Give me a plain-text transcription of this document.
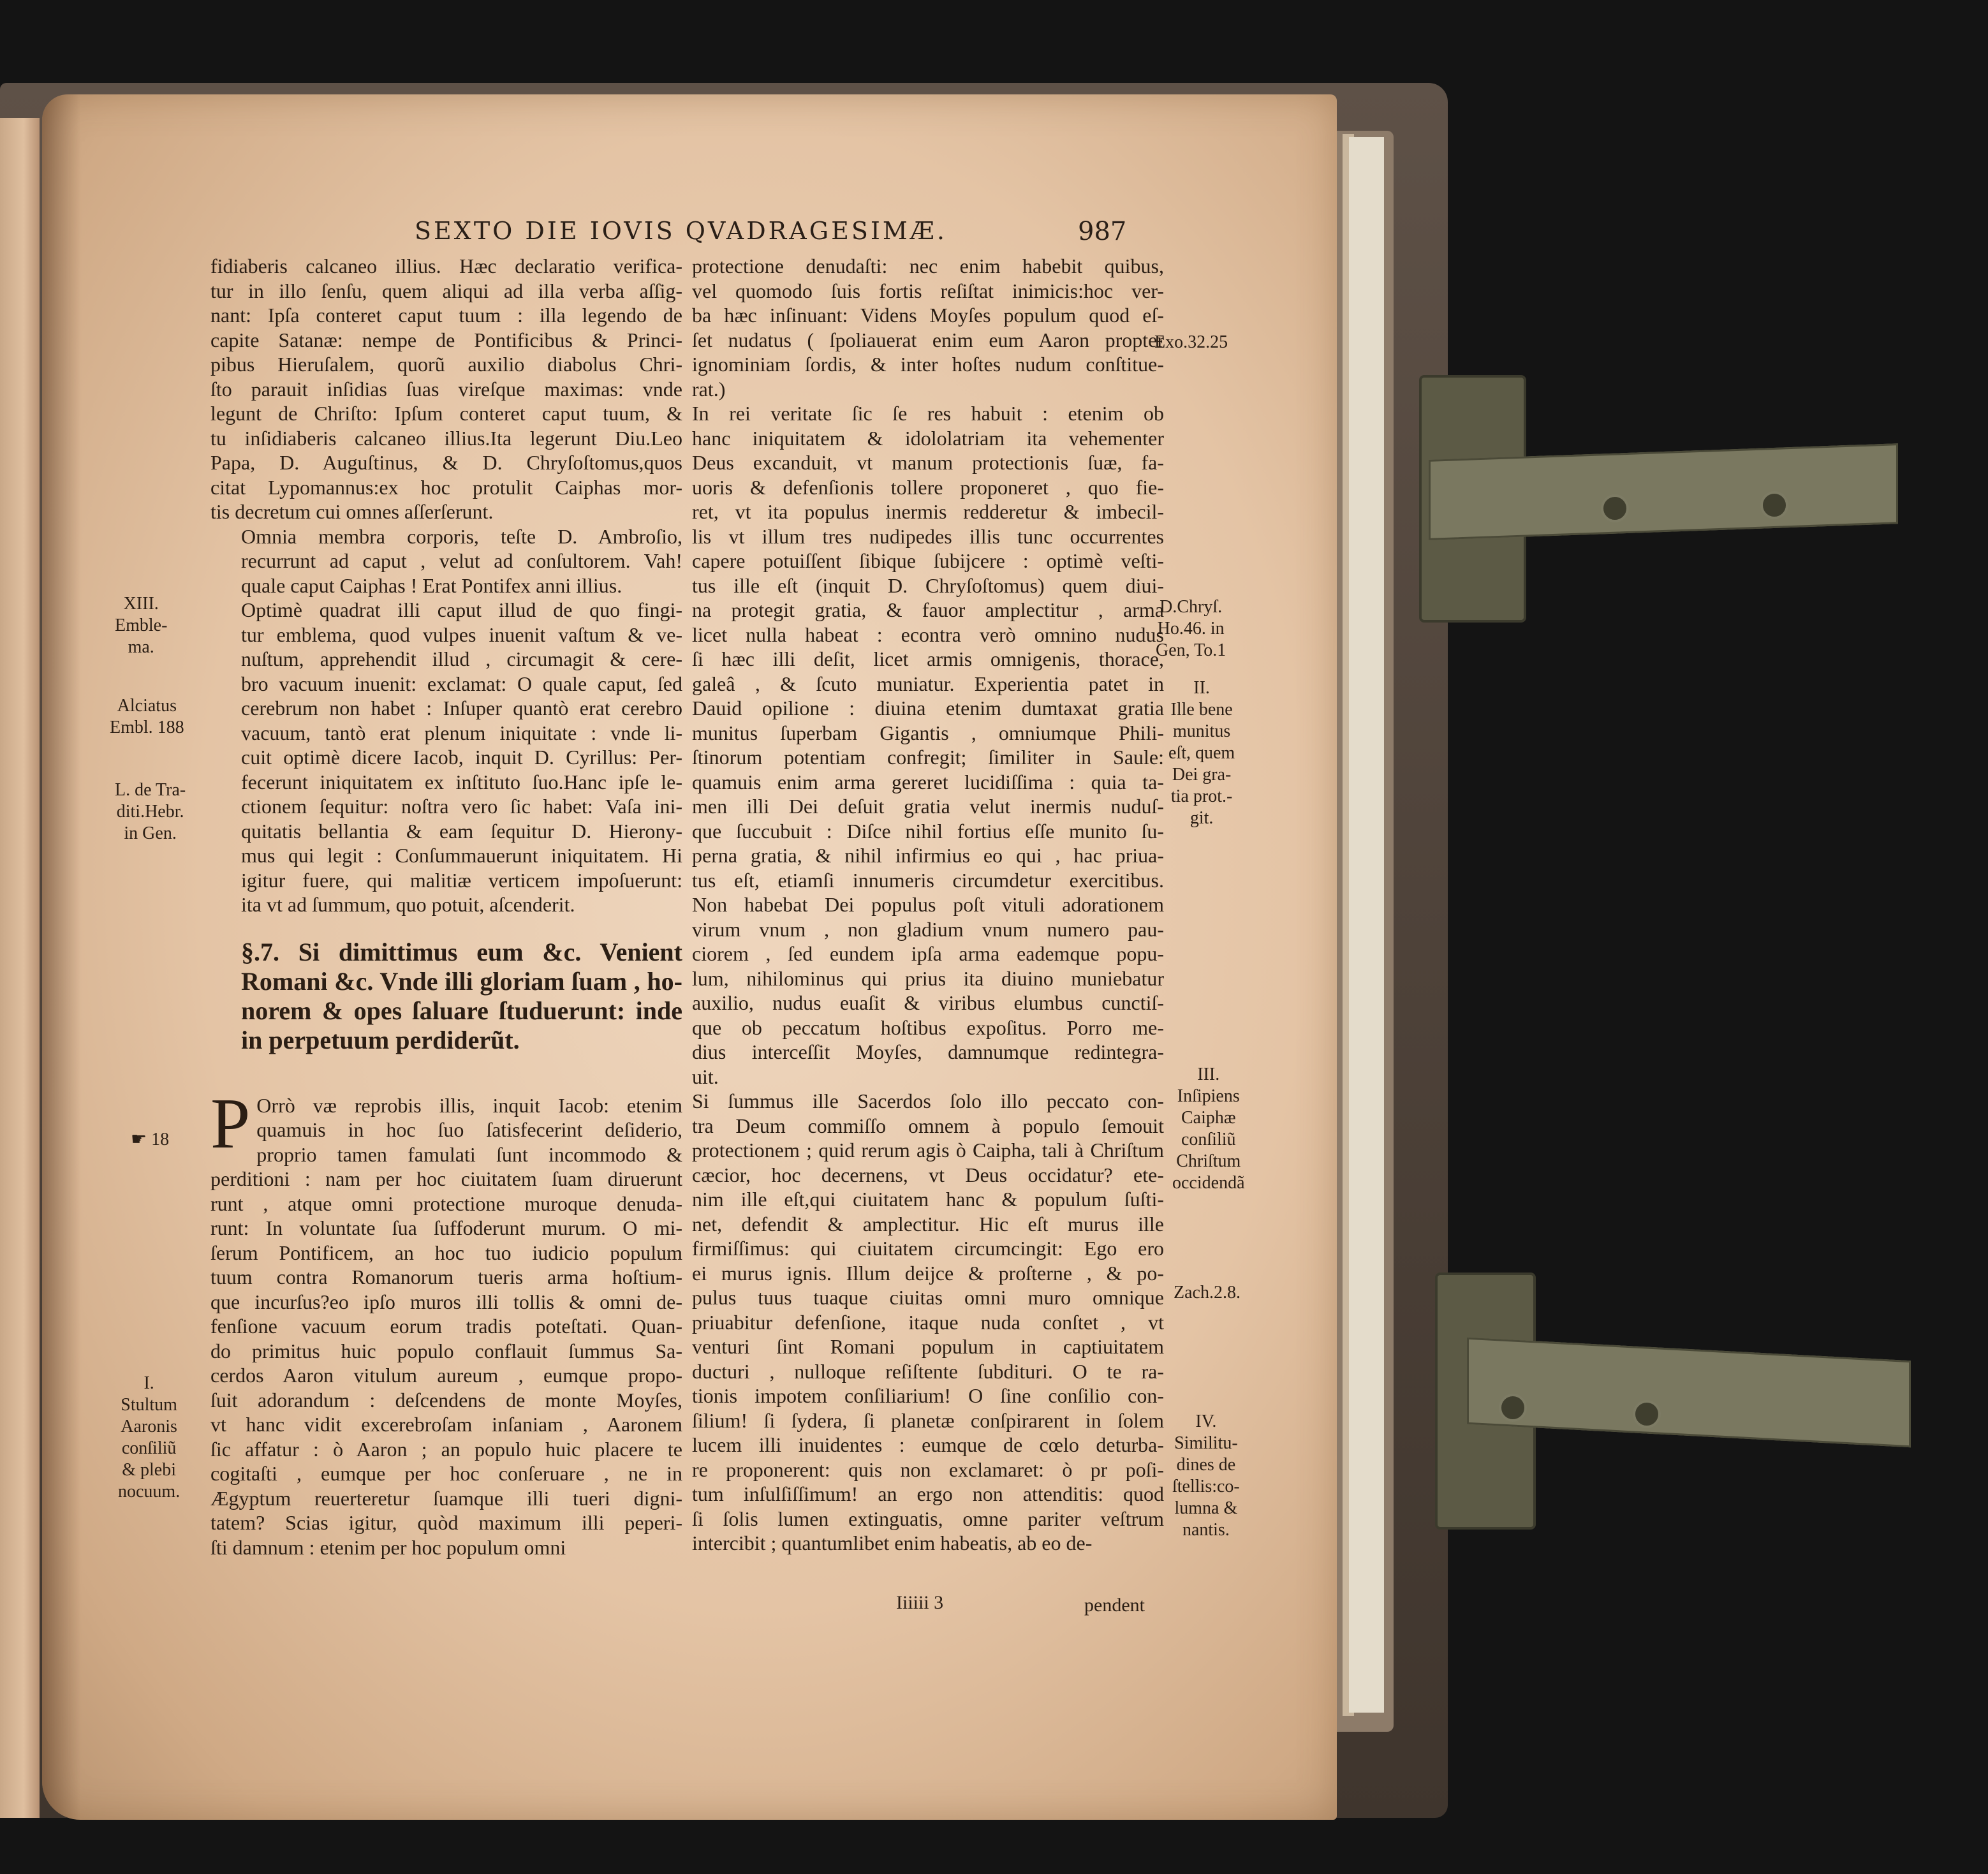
SEXTO DIE IOVIS QVADRAGESIMÆ.	987
fidiaberis calcaneo illius. Hæc declaratio verifica-
tur in illo ſenſu, quem aliqui ad illa verba aſſig-
nant: Ipſa conteret caput tuum : illa legendo de
capite Satanæ: nempe de Pontificibus & Princi-
pibus Hieruſalem, quorũ auxilio diabolus Chri-
ſto parauit inſidias ſuas vireſque maximas: vnde
legunt de Chriſto: Ipſum conteret caput tuum, &
tu inſidiaberis calcaneo illius.Ita legerunt Diu.Leo
Papa, D. Auguſtinus, & D. Chryſoſtomus,quos
citat Lypomannus:ex hoc protulit Caiphas mor-
tis decretum cui omnes aſſerſerunt.
Omnia membra corporis, teſte D. Ambroſio,
recurrunt ad caput , velut ad conſultorem. Vah!
quale caput Caiphas ! Erat Pontifex anni illius.
Optimè quadrat illi caput illud de quo fingi-
tur emblema, quod vulpes inuenit vaſtum & ve-
nuſtum, apprehendit illud , circumagit & cere-
bro vacuum inuenit: exclamat: O quale caput, ſed
cerebrum non habet : Inſuper quantò erat cerebro
vacuum, tantò erat plenum iniquitate : vnde li-
cuit optimè dicere Iacob, inquit D. Cyrillus: Per-
fecerunt iniquitatem ex inſtituto ſuo.Hanc ipſe le-
ctionem ſequitur: noſtra vero ſic habet: Vaſa ini-
quitatis bellantia & eam ſequitur D. Hierony-
mus qui legit : Conſummauerunt iniquitatem. Hi
igitur fuere, qui malitiæ verticem impoſuerunt:
ita vt ad ſummum, quo potuit, aſcenderit.
§.7. Si dimittimus eum &c. Venient Romani &c. Vnde illi gloriam ſuam , ho- norem & opes ſaluare ſtuduerunt: inde in perpetuum perdiderũt.
P Orrò væ reprobis illis, inquit Iacob: etenim
quamuis in hoc ſuo ſatisfecerint deſiderio,
proprio tamen famulati ſunt incommodo &
perditioni : nam per hoc ciuitatem ſuam diruerunt
runt , atque omni protectione muroque denuda-
runt: In voluntate ſua ſuffoderunt murum. O mi-
ſerum Pontificem, an hoc tuo iudicio populum
tuum contra Romanorum tueris arma hoſtium-
que incurſus?eo ipſo muros illi tollis & omni de-
fenſione vacuum eorum tradis poteſtati. Quan-
do primitus huic populo conflauit ſummus Sa-
cerdos Aaron vitulum aureum , eumque propo-
ſuit adorandum : deſcendens de monte Moyſes,
vt hanc vidit excerebroſam inſaniam , Aaronem
ſic affatur : ò Aaron ; an populo huic placere te
cogitaſti , eumque per hoc conſeruare , ne in
Ægyptum reuerteretur ſuamque illi tueri digni-
tatem? Scias igitur, quòd maximum illi peperi-
ſti damnum : etenim per hoc populum omni
protectione denudaſti: nec enim habebit quibus,
vel quomodo ſuis fortis reſiſtat inimicis:hoc ver-
ba hæc inſinuant: Videns Moyſes populum quod eſ-
ſet nudatus ( ſpoliauerat enim eum Aaron propter
ignominiam ſordis, & inter hoſtes nudum conſtitue-
rat.)
In rei veritate ſic ſe res habuit : etenim ob
hanc iniquitatem & idololatriam ita vehementer
Deus excanduit, vt manum protectionis ſuæ, fa-
uoris & defenſionis tollere proponeret , quo fie-
ret, vt ita populus inermis redderetur & imbecil-
lis vt illum tres nudipedes illis tunc occurrentes
capere potuiſſent ſibique ſubijcere : optimè veſti-
tus ille eſt (inquit D. Chryſoſtomus) quem diui-
na protegit gratia, & fauor amplectitur , arma
licet nulla habeat : econtra verò omnino nudus
ſi hæc illi deſit, licet armis omnigenis, thorace,
galeâ , & ſcuto muniatur. Experientia patet in
Dauid opilione : diuina etenim dumtaxat gratia
munitus ſuperbam Gigantis , omniumque Phili-
ſtinorum potentiam confregit; ſimiliter in Saule:
quamuis enim arma gereret lucidiſſima : quia ta-
men illi Dei deſuit gratia velut inermis nuduſ-
que ſuccubuit : Diſce nihil fortius eſſe munito ſu-
perna gratia, & nihil infirmius eo qui , hac priua-
tus eſt, etiamſi innumeris circumdetur exercitibus.
Non habebat Dei populus poſt vituli adorationem
virum vnum , non gladium vnum numero pau-
ciorem , ſed eundem ipſa arma eademque popu-
lum, nihilominus qui prius ita diuino muniebatur
auxilio, nudus euaſit & viribus elumbus cunctiſ-
que ob peccatum hoſtibus expoſitus. Porro me-
dius interceſſit Moyſes, damnumque redintegra-
uit.
Si ſummus ille Sacerdos ſolo illo peccato con-
tra Deum commiſſo omnem à populo ſemouit
protectionem ; quid rerum agis ò Caipha, tali à Chriſtum
cæcior, hoc decernens, vt Deus occidatur? ete-
nim ille eſt,qui ciuitatem hanc & populum ſuſti-
net, defendit & amplectitur. Hic eſt murus ille
firmiſſimus: qui ciuitatem circumcingit: Ego ero
ei murus ignis. Illum deijce & proſterne , & po-
pulus tuus tuaque ciuitas omni muro omnique
priuabitur defenſione, itaque nuda conſtet , vt
venturi ſint Romani populum in captiuitatem
ducturi , nulloque reſiſtente ſubdituri. O te ra-
tionis impotem conſiliarium! O ſine conſilio con-
ſilium! ſi ſydera, ſi planetæ conſpirarent in ſolem
lucem illi inuidentes : eumque de cœlo deturba-
re proponerent: quis non exclamaret: ò pr poſi-
tum inſulſiſſimum! an ergo non attenditis: quod
ſi ſolis lumen extinguatis, omne pariter veſtrum
intercibit ; quantumlibet enim habeatis, ab eo de-
XIII.
Emble-
ma.
Alciatus
Embl. 188
L. de Tra-
diti.Hebr.
in Gen.
☛ 18
I.
Stultum
Aaronis
conſiliũ
& plebi
nocuum.
Exo.32.25
D.Chryſ.
Ho.46. in
Gen, To.1
II.
Ille bene
munitus
eſt, quem
Dei gra-
tia prot.-
git.
III.
Inſipiens
Caiphæ
conſiliũ
Chriſtum
occidendã
Zach.2.8.
IV.
Similitu-
dines de
ſtellis:co-
lumna &
nantis.
Iiiiii 3	pendent
